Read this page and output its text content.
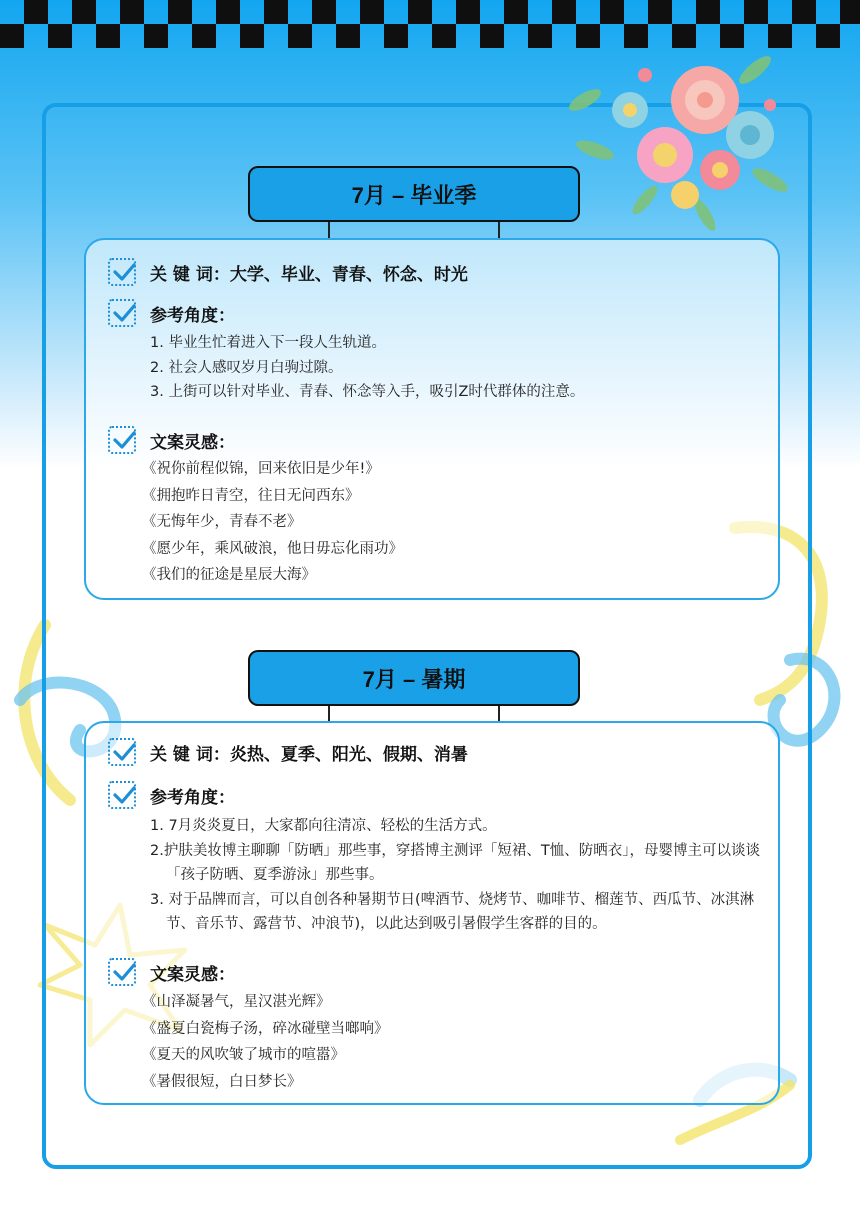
7月 – 毕业季
关 键 词：大学、毕业、青春、怀念、时光
参考角度：
1. 毕业生忙着进入下一段人生轨道。
2. 社会人感叹岁月白驹过隙。
3. 上街可以针对毕业、青春、怀念等入手，吸引Z时代群体的注意。
文案灵感：
《祝你前程似锦，回来依旧是少年!》
《拥抱昨日青空，往日无问西东》
《无悔年少，青春不老》
《愿少年，乘风破浪，他日毋忘化雨功》
《我们的征途是星辰大海》
7月 – 暑期
关 键 词：炎热、夏季、阳光、假期、消暑
参考角度：
1. 7月炎炎夏日，大家都向往清凉、轻松的生活方式。
2.护肤美妆博主聊聊「防晒」那些事，穿搭博主测评「短裙、T恤、防晒衣」，母婴博主可以谈谈「孩子防晒、夏季游泳」那些事。
3. 对于品牌而言，可以自创各种暑期节日(啤酒节、烧烤节、咖啡节、榴莲节、西瓜节、冰淇淋节、音乐节、露营节、冲浪节)，以此达到吸引暑假学生客群的目的。
文案灵感：
《山泽凝暑气，星汉湛光辉》
《盛夏白瓷梅子汤，碎冰碰壁当啷响》
《夏天的风吹皱了城市的喧嚣》
《暑假很短，白日梦长》
